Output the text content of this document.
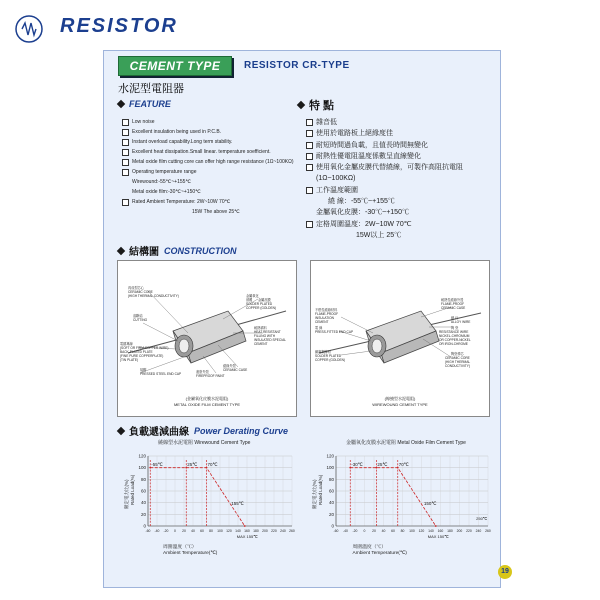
RESISTOR
CEMENT TYPE	RESISTOR CR-TYPE
水泥型電阻器
FEATURE	特 點
Low noise
Excellent insulation being used in P.C.B.
Instant overload capability.Long term stability.
Excellent heat dissipation.Small linear. temperature soefficient.
Metal oxide film cutting core can offer high range resistance (1Ω~100KΩ)
Operating temperature range
Wirewound:-55℃~+155℃
Metal oxide film:-30℃~+150℃
Rated Ambient Temperature: 2W~10W 70℃
15W The above 25℃
雜音低
使用於電路板上絕緣度佳
耐短時間過負載，且值長時間無變化
耐熱性優電阻溫度係數呈直線變化
使用氧化金屬皮膜代替繞線，可製作高阻抗電阻
(1Ω~100KΩ)
工作溫度範圍
繞 線：-55℃~+155℃
金屬氧化皮膜：-30℃~+150℃
定格周圍溫度：2W~10W 70℃
15W以上 25℃
結構圖 CONSTRUCTION
再成型芯心
CERAMIC CORE
(HIGH THERMAL CONDUCTIVITY)
溶斷結
CUTTING
電鍍導線
(SOFT OR FIRM COPPER WIRE)
BACK-PLATED PLATE
(FINE PURE COPPERPLATE)
(TIN PLATE)
接帽
PRESSED STEEL END CAP
金屬氧化
被覆 金屬皮膜
SOLDER PLATED
COPPER (GOLDEN)
耐熱填料
HEAT RESISTANT
FILLING WITH
INSULATED SPECIAL
CEMENT
絕緣外殼
CERAMIC CASE
遮塗外殼
FIREPROOF PAINT
(金屬氧化皮膜水泥電阻)
METAL OXIDE FILM CEMENT TYPE
不燃性絕緣材料
FLAME-PROOF
INSULATION
CEMENT
電 線
PRESS-FITTED END CAP
銅複鋼線材
SOLDER PLATED
COPPER (GOLDEN)
耐熱性絕緣外殼
FLAME-PROOF
CERAMIC CASE
繞 行
ALLOY WIRE
陶 瓷
RESISTANCE WIRE
NICKEL-CHROMIUM
OR COPPER-NICKEL
OR IRON-CHROME
陶瓷棒芯
CERAMIC CORE
(HIGH THERMAL
CONDUCTIVITY)
(線繞型水泥電阻)
WIREWOUND CEMENT TYPE
負載遞減曲線 Power Derating Curve
繞線型水泥電阻 Wirewound Cement Type
0
20
40
60
80
100
120
-60 -40 -20 0 20 40 60 80 100 120 140 160 180 200 220 240 260
-55℃	25℃ 70℃
155℃
MAX 155℃
額定電力比(%) Rated Load(%)
周圍溫度（℃）
Ambient Temperature(℃)
金屬氧化皮膜水泥電阻 Metal Oxide Film Cement Type
0
20
40
60
80
100
120
-60 -40 -20 0 20 40 60 80 100 120 140 160 180 200 220 240 260
-30℃	25℃	70℃
150℃
MAX 150℃
250℃
額定電力比(%) Rated Load(%)
周圍溫度（℃）
Ambient Temperature(℃)
19
